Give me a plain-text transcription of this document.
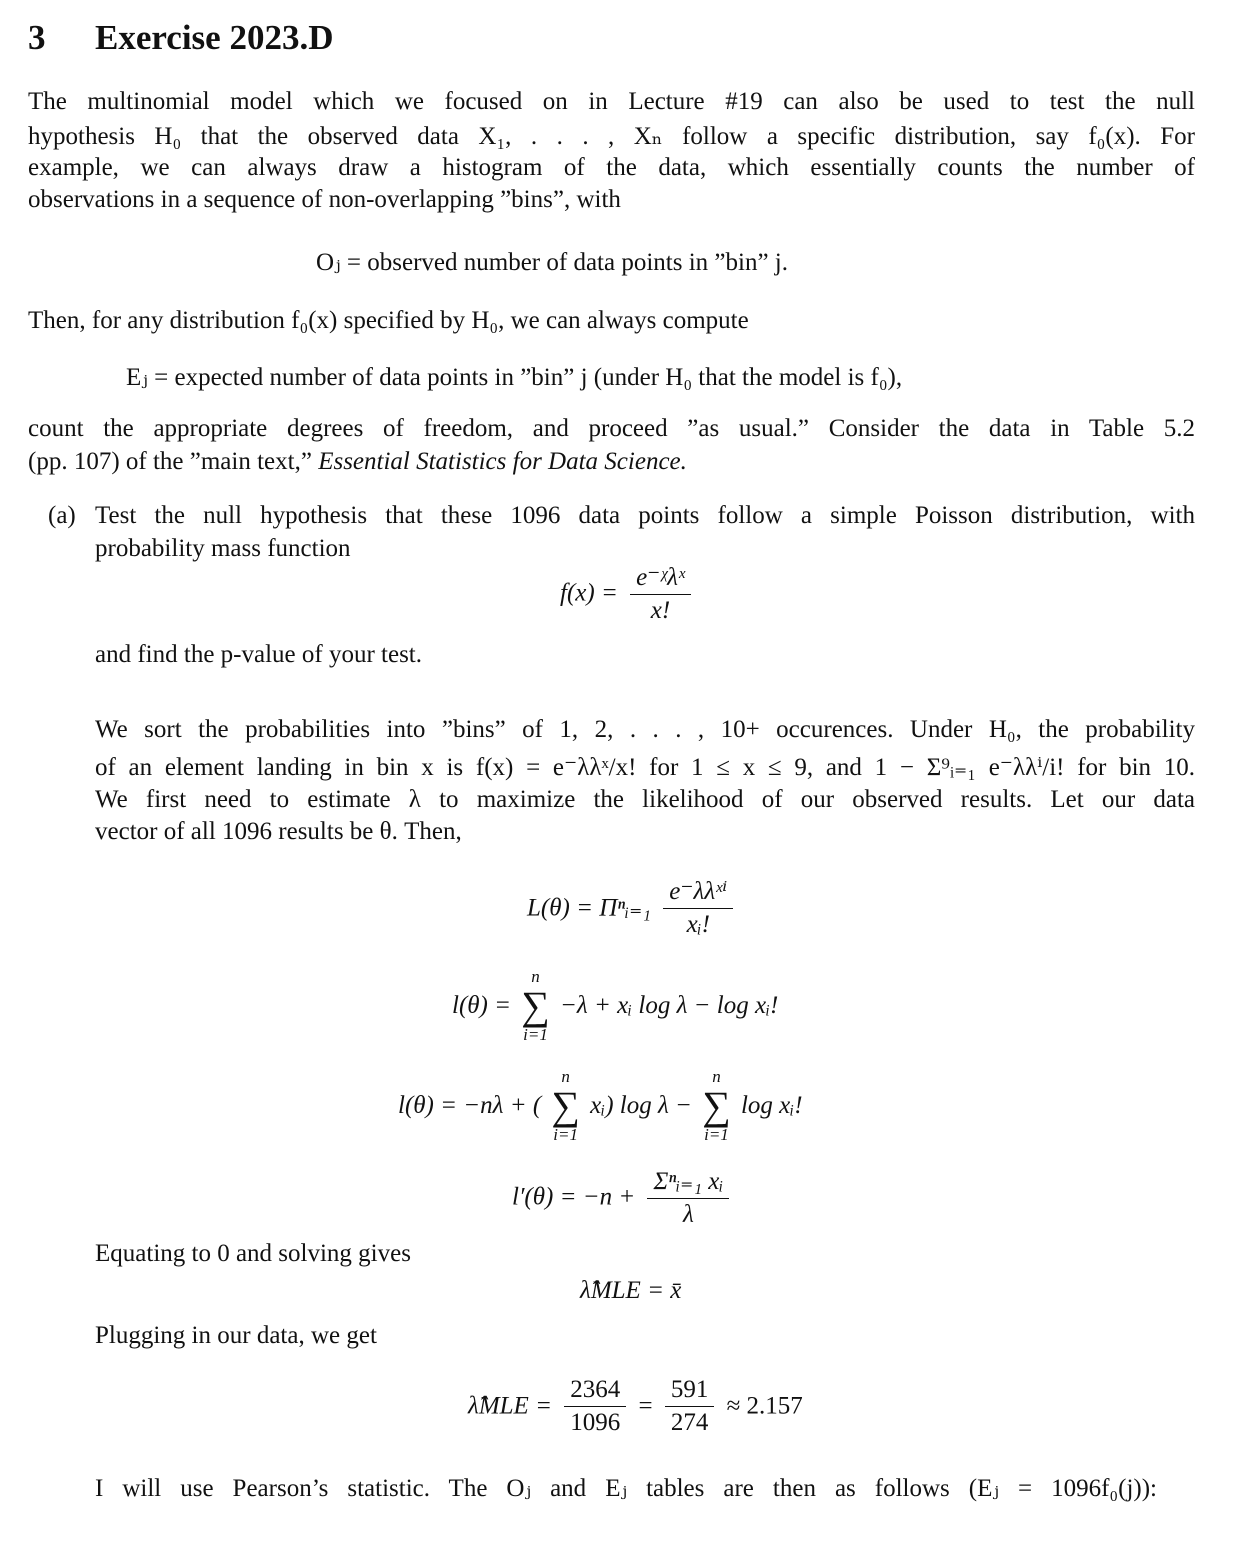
3 Exercise 2023.D
The multinomial model which we focused on in Lecture #19 can also be used to test the null
hypothesis H₀ that the observed data X₁, . . . , Xₙ follow a specific distribution, say f₀(x). For
example, we can always draw a histogram of the data, which essentially counts the number of
observations in a sequence of non-overlapping ”bins”, with
Oⱼ = observed number of data points in ”bin” j.
Then, for any distribution f₀(x) specified by H₀, we can always compute
Eⱼ = expected number of data points in ”bin” j (under H₀ that the model is f₀),
count the appropriate degrees of freedom, and proceed ”as usual.” Consider the data in Table 5.2
(pp. 107) of the ”main text,” Essential Statistics for Data Science.
(a) Test the null hypothesis that these 1096 data points follow a simple Poisson distribution, with
probability mass function
$f(x) = \frac{\text{e⁻ᵡλˣ}}{x!}$
and find the p-value of your test.
We sort the probabilities into ”bins” of 1, 2, . . . , 10+ occurences. Under H₀, the probability
of an element landing in bin x is f(x) = e⁻λλˣ/x! for 1 ≤ x ≤ 9, and 1 − Σ⁹ᵢ₌₁ e⁻λλⁱ/i! for bin 10.
We first need to estimate λ to maximize the likelihood of our observed results. Let our data
vector of all 1096 results be θ. Then,
L(θ) = Πⁿᵢ₌₁ $\frac{\text{e⁻λλˣⁱ}}{\text{xᵢ!}}$
l(θ) =
n
∑
i=1
−λ + xᵢ log λ − log xᵢ!
l(θ) = −nλ + (
n
∑
i=1
xᵢ) log λ −
n
∑
i=1
log xᵢ!
$l'(\theta) = -n + \frac{\text{Σⁿᵢ₌₁ xᵢ}}{\lambda}$
Equating to 0 and solving gives
λ̂MLE = x̄
Plugging in our data, we get
λ̂MLE = $\frac{2364}{1096} = \frac{591}{274} \approx 2.157$
I will use Pearson’s statistic. The Oⱼ and Eⱼ tables are then as follows (Eⱼ = 1096f₀(j)):
